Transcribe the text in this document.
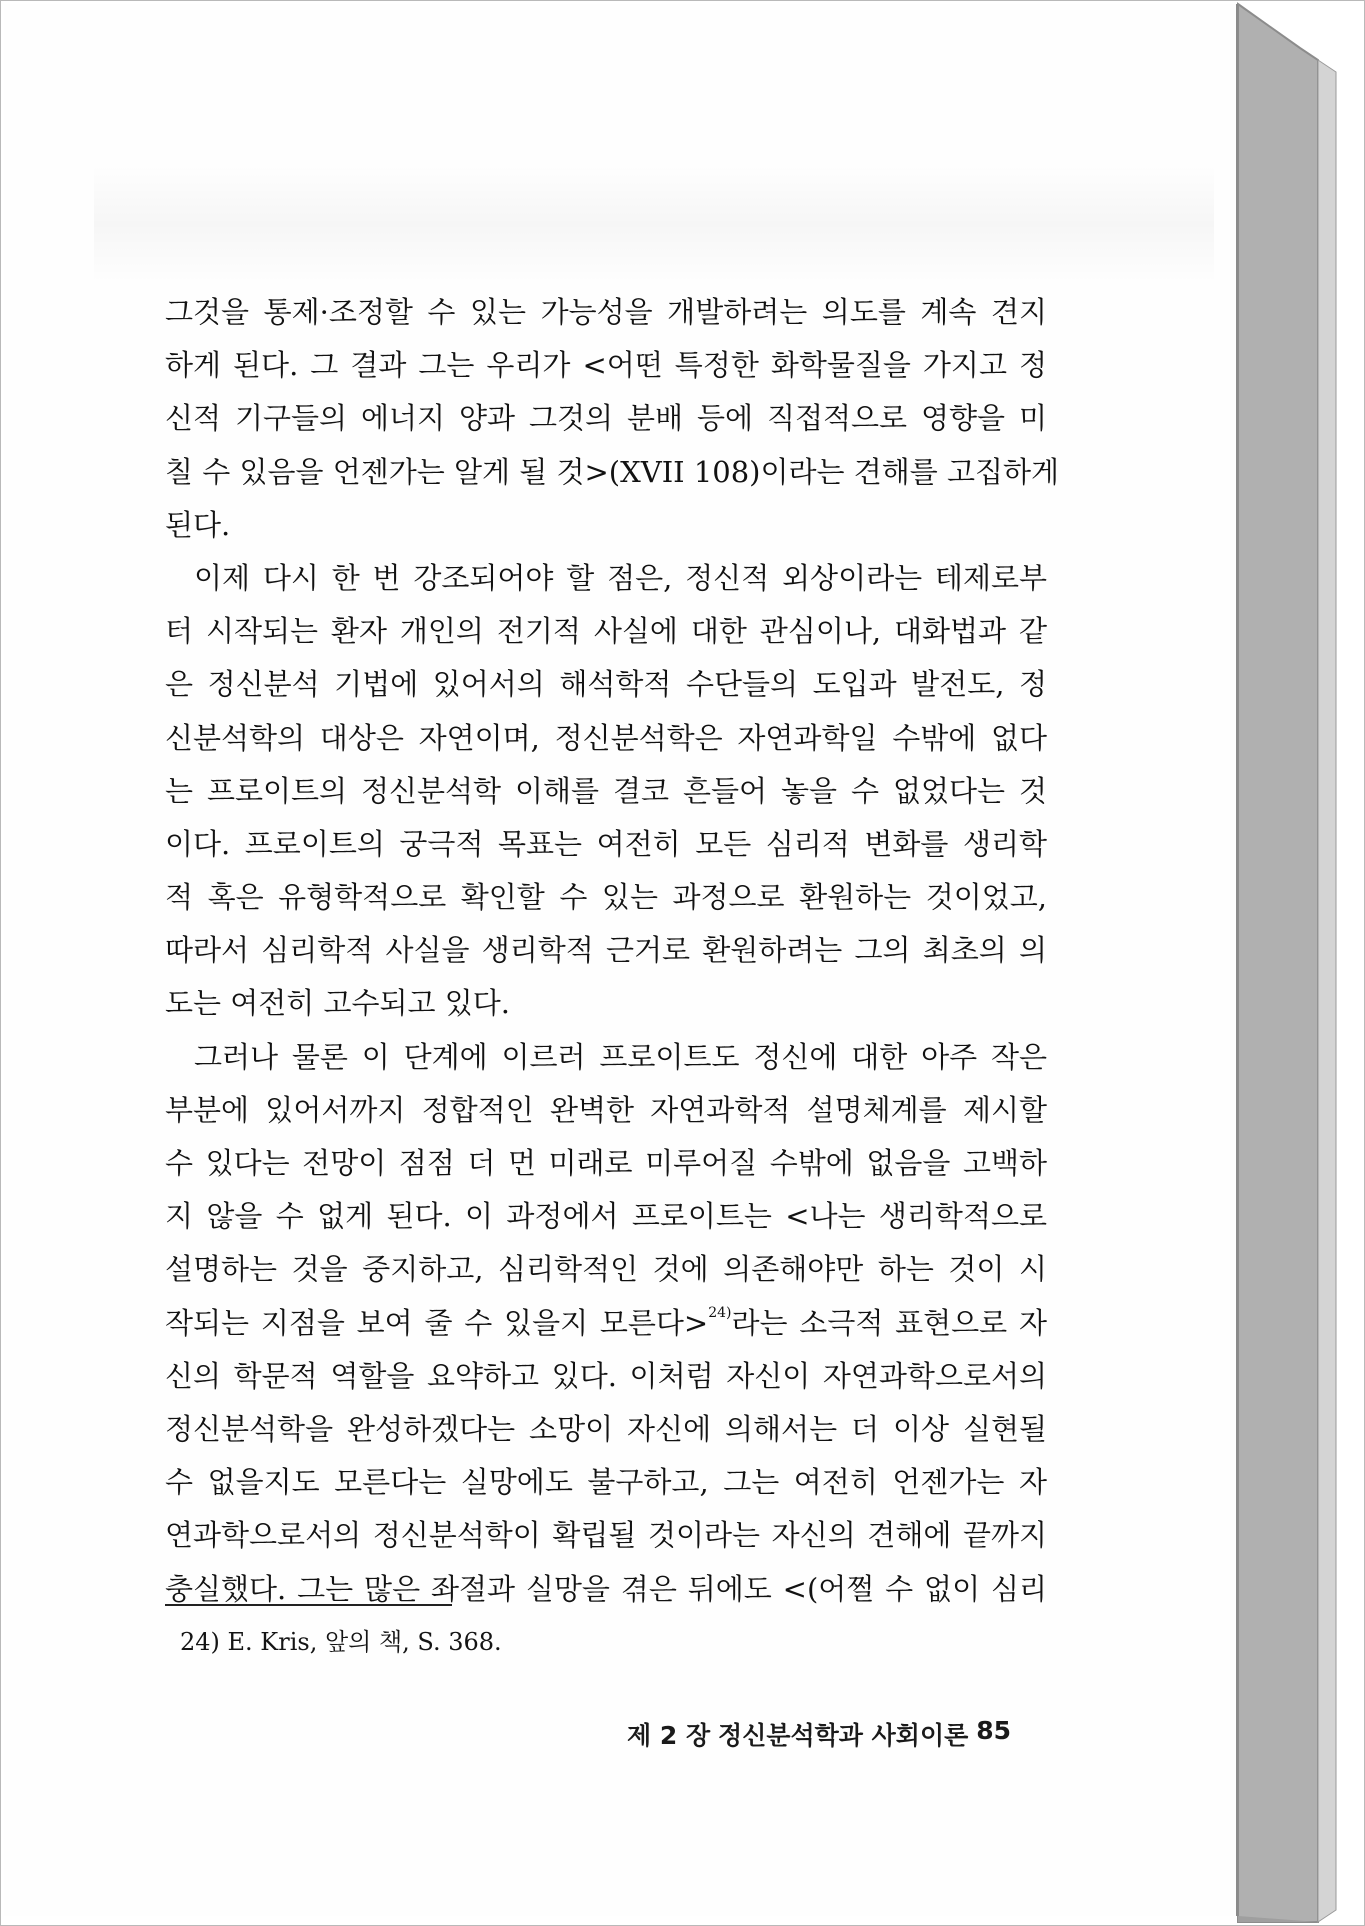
그것을 통제·조정할 수 있는 가능성을 개발하려는 의도를 계속 견지
하게 된다. 그 결과 그는 우리가 <어떤 특정한 화학물질을 가지고 정
신적 기구들의 에너지 양과 그것의 분배 등에 직접적으로 영향을 미
칠 수 있음을 언젠가는 알게 될 것>(XVII 108)이라는 견해를 고집하게
된다.
이제 다시 한 번 강조되어야 할 점은, 정신적 외상이라는 테제로부
터 시작되는 환자 개인의 전기적 사실에 대한 관심이나, 대화법과 같
은 정신분석 기법에 있어서의 해석학적 수단들의 도입과 발전도, 정
신분석학의 대상은 자연이며, 정신분석학은 자연과학일 수밖에 없다
는 프로이트의 정신분석학 이해를 결코 흔들어 놓을 수 없었다는 것
이다. 프로이트의 궁극적 목표는 여전히 모든 심리적 변화를 생리학
적 혹은 유형학적으로 확인할 수 있는 과정으로 환원하는 것이었고,
따라서 심리학적 사실을 생리학적 근거로 환원하려는 그의 최초의 의
도는 여전히 고수되고 있다.
그러나 물론 이 단계에 이르러 프로이트도 정신에 대한 아주 작은
부분에 있어서까지 정합적인 완벽한 자연과학적 설명체계를 제시할
수 있다는 전망이 점점 더 먼 미래로 미루어질 수밖에 없음을 고백하
지 않을 수 없게 된다. 이 과정에서 프로이트는 <나는 생리학적으로
설명하는 것을 중지하고, 심리학적인 것에 의존해야만 하는 것이 시
작되는 지점을 보여 줄 수 있을지 모른다>$^{24)}$라는 소극적 표현으로 자
신의 학문적 역할을 요약하고 있다. 이처럼 자신이 자연과학으로서의
정신분석학을 완성하겠다는 소망이 자신에 의해서는 더 이상 실현될
수 없을지도 모른다는 실망에도 불구하고, 그는 여전히 언젠가는 자
연과학으로서의 정신분석학이 확립될 것이라는 자신의 견해에 끝까지
충실했다. 그는 많은 좌절과 실망을 겪은 뒤에도 <(어쩔 수 없이 심리
24) E. Kris, 앞의 책, S. 368.
제 2 장 정신분석학과 사회이론 85
